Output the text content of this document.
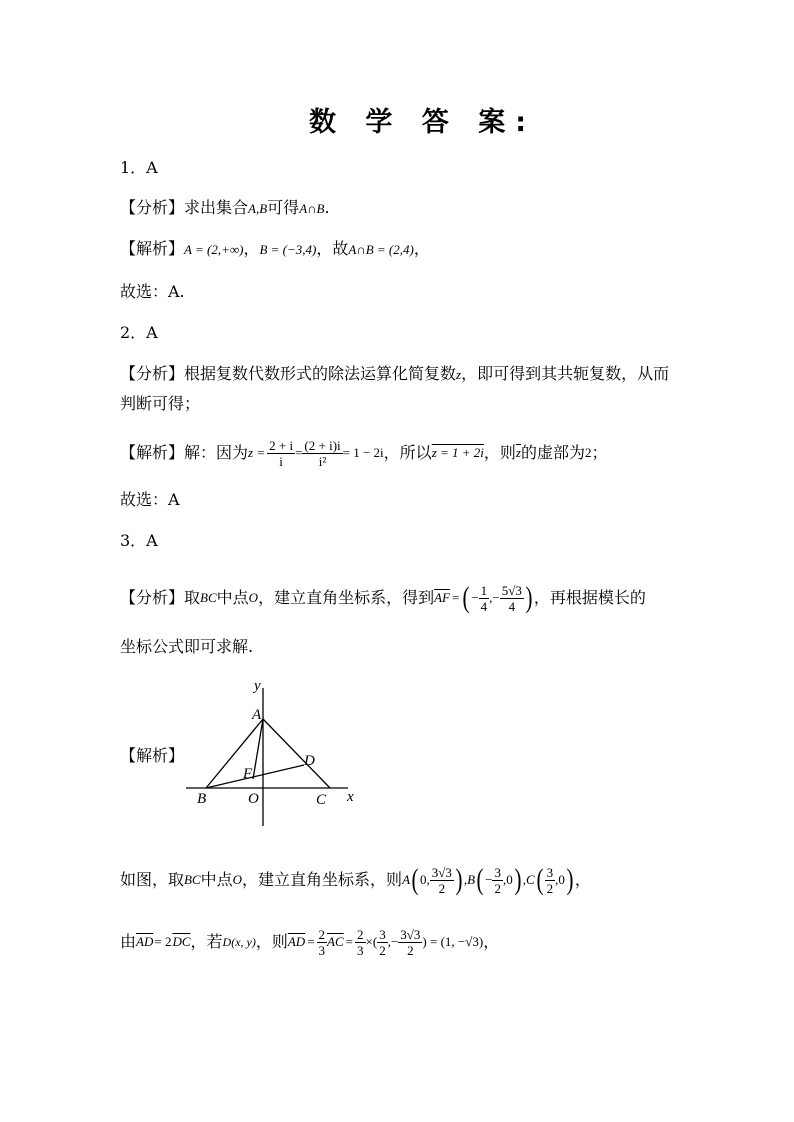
数 学 答 案:
1．A
【分析】求出集合A,B可得A∩B.
【解析】A = (2,+∞)，B = (−3,4)，故A∩B = (2,4)，
故选：A.
2．A
【分析】根据复数代数形式的除法运算化简复数z，即可得到其共轭复数，从而
判断可得；
【解析】 解：因为 $z = \frac{2 + i}{i} = \frac{(2 + i)i}{\text{i²}} = 1 - 2i$ ，所以 z = 1 + 2i ，则 $\overline{z}$ 的虚部为 2 ；
故选：A
3．A
【分析】 取 BC 中点 O ，建立直角坐标系，得到 $\overline{AF}$ = ( − $\frac{1}{4}$ ,− $\frac{5√3}{4}$ ) ，再根据模长的
坐标公式即可求解.
【解析】
y
A
D
F
B	O	C x
如图，取 BC 中点 O ，建立直角坐标系，则 A ( 0, $\frac{3√3}{2}$ ) , B ( − $\frac{3}{2} ,0$ ) , C ( $\frac{3}{2} ,0$ ) ，
由 $\overline{AD} = 2$ $\overline{DC}$ ，若 D(x, y) ，则 $\overline{AD} = \frac{2}{3} \overline{AC} = \frac{2}{3}$ ×( $\frac{3}{2}$ ,− $\frac{3√3}{2}$ ) = (1, −√3) ，
